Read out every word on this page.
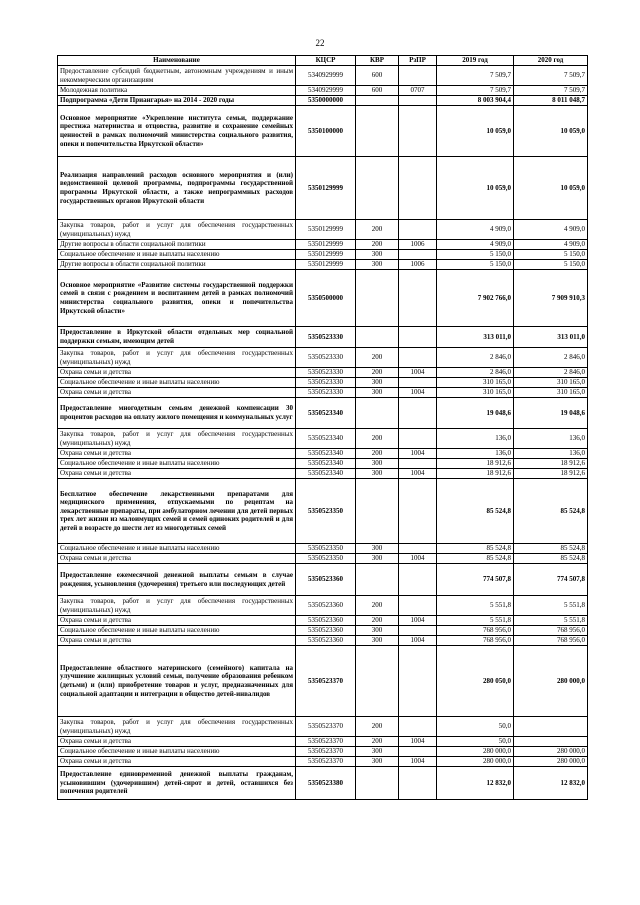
22
Наименование	КЦСР	КВР	РзПР	2019 год	2020 год
Предоставление субсидий бюджетным, автономным учреждениям и иным некоммерческим организациям	5340929999	600		7 509,7	7 509,7
Молодежная политика	5340929999	600	0707	7 509,7	7 509,7
Подпрограмма «Дети Приангарья» на 2014 - 2020 годы	5350000000			8 003 904,4	8 011 048,7
Основное мероприятие «Укрепление института семьи, поддержание престижа материнства и отцовства, развитие и сохранение семейных ценностей в рамках полномочий министерства социального развития, опеки и попечительства Иркутской области»	5350100000			10 059,0	10 059,0
Реализация направлений расходов основного мероприятия и (или) ведомственной целевой программы, подпрограммы государственной программы Иркутской области, а также непрограммных расходов государственных органов Иркутской области	5350129999			10 059,0	10 059,0
Закупка товаров, работ и услуг для обеспечения государственных (муниципальных) нужд	5350129999	200		4 909,0	4 909,0
Другие вопросы в области социальной политики	5350129999	200	1006	4 909,0	4 909,0
Социальное обеспечение и иные выплаты населению	5350129999	300		5 150,0	5 150,0
Другие вопросы в области социальной политики	5350129999	300	1006	5 150,0	5 150,0
Основное мероприятие «Развитие системы государственной поддержки семей в связи с рождением и воспитанием детей в рамках полномочий министерства социального развития, опеки и попечительства Иркутской области»	5350500000			7 902 766,0	7 909 910,3
Предоставление в Иркутской области отдельных мер социальной поддержки семьям, имеющим детей	5350523330			313 011,0	313 011,0
Закупка товаров, работ и услуг для обеспечения государственных (муниципальных) нужд	5350523330	200		2 846,0	2 846,0
Охрана семьи и детства	5350523330	200	1004	2 846,0	2 846,0
Социальное обеспечение и иные выплаты населению	5350523330	300		310 165,0	310 165,0
Охрана семьи и детства	5350523330	300	1004	310 165,0	310 165,0
Предоставление многодетным семьям денежной компенсации 30 процентов расходов на оплату жилого помещения и коммунальных услуг	5350523340			19 048,6	19 048,6
Закупка товаров, работ и услуг для обеспечения государственных (муниципальных) нужд	5350523340	200		136,0	136,0
Охрана семьи и детства	5350523340	200	1004	136,0	136,0
Социальное обеспечение и иные выплаты населению	5350523340	300		18 912,6	18 912,6
Охрана семьи и детства	5350523340	300	1004	18 912,6	18 912,6
Бесплатное обеспечение лекарственными препаратами для медицинского применения, отпускаемыми по рецептам на лекарственные препараты, при амбулаторном лечении для детей первых трех лет жизни из малоимущих семей и семей одиноких родителей и для детей в возрасте до шести лет из многодетных семей	5350523350			85 524,8	85 524,8
Социальное обеспечение и иные выплаты населению	5350523350	300		85 524,8	85 524,8
Охрана семьи и детства	5350523350	300	1004	85 524,8	85 524,8
Предоставление ежемесячной денежной выплаты семьям в случае рождения, усыновления (удочерения) третьего или последующих детей	5350523360			774 507,8	774 507,8
Закупка товаров, работ и услуг для обеспечения государственных (муниципальных) нужд	5350523360	200		5 551,8	5 551,8
Охрана семьи и детства	5350523360	200	1004	5 551,8	5 551,8
Социальное обеспечение и иные выплаты населению	5350523360	300		768 956,0	768 956,0
Охрана семьи и детства	5350523360	300	1004	768 956,0	768 956,0
Предоставление областного материнского (семейного) капитала на улучшение жилищных условий семьи, получение образования ребенком (детьми) и (или) приобретение товаров и услуг, предназначенных для социальной адаптации и интеграции в общество детей-инвалидов	5350523370			280 050,0	280 000,0
Закупка товаров, работ и услуг для обеспечения государственных (муниципальных) нужд	5350523370	200		50,0	
Охрана семьи и детства	5350523370	200	1004	50,0	
Социальное обеспечение и иные выплаты населению	5350523370	300		280 000,0	280 000,0
Охрана семьи и детства	5350523370	300	1004	280 000,0	280 000,0
Предоставление единовременной денежной выплаты гражданам, усыновившим (удочерившим) детей-сирот и детей, оставшихся без попечения родителей	5350523380			12 832,0	12 832,0
